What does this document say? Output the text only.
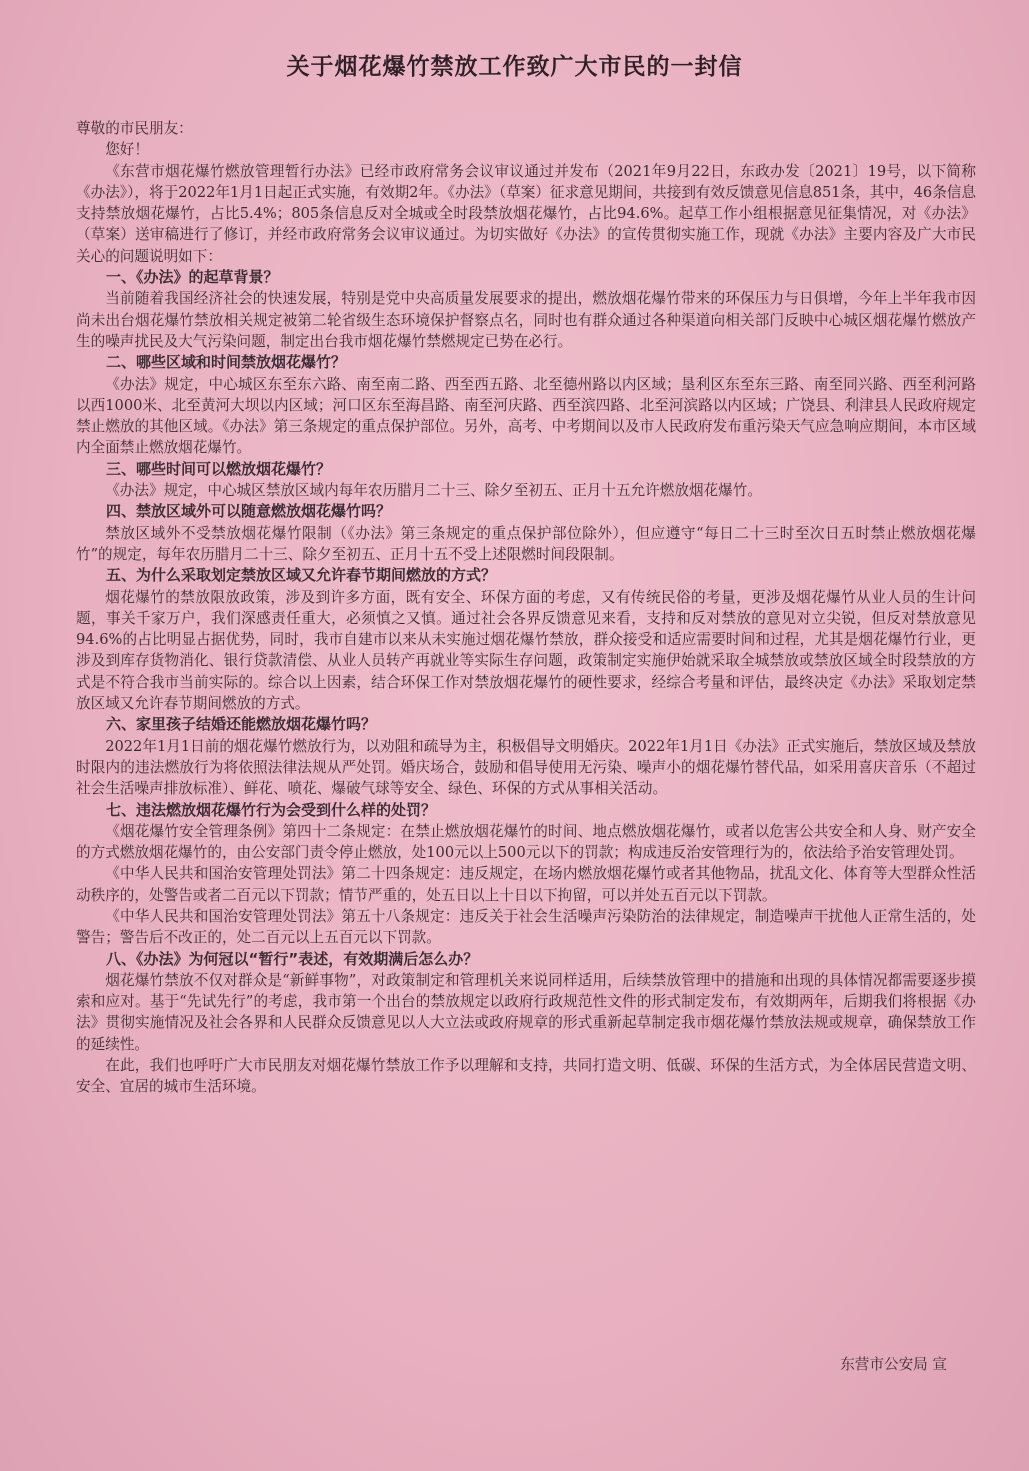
关于烟花爆竹禁放工作致广大市民的一封信

尊敬的市民朋友：

您好！

《东营市烟花爆竹燃放管理暂行办法》已经市政府常务会议审议通过并发布（2021年9月22日，东政办发〔2021〕19号，以下简称《办法》），将于2022年1月1日起正式实施，有效期2年。《办法》（草案）征求意见期间，共接到有效反馈意见信息851条，其中，46条信息支持禁放烟花爆竹，占比5.4%；805条信息反对全城或全时段禁放烟花爆竹，占比94.6%。起草工作小组根据意见征集情况，对《办法》（草案）送审稿进行了修订，并经市政府常务会议审议通过。为切实做好《办法》的宣传贯彻实施工作，现就《办法》主要内容及广大市民关心的问题说明如下：

一、《办法》的起草背景？

当前随着我国经济社会的快速发展，特别是党中央高质量发展要求的提出，燃放烟花爆竹带来的环保压力与日俱增，今年上半年我市因尚未出台烟花爆竹禁放相关规定被第二轮省级生态环境保护督察点名，同时也有群众通过各种渠道向相关部门反映中心城区烟花爆竹燃放产生的噪声扰民及大气污染问题，制定出台我市烟花爆竹禁燃规定已势在必行。

二、哪些区域和时间禁放烟花爆竹？

《办法》规定，中心城区东至东六路、南至南二路、西至西五路、北至德州路以内区域；垦利区东至东三路、南至同兴路、西至利河路以西1000米、北至黄河大坝以内区域；河口区东至海昌路、南至河庆路、西至滨四路、北至河滨路以内区域；广饶县、利津县人民政府规定禁止燃放的其他区域。《办法》第三条规定的重点保护部位。另外，高考、中考期间以及市人民政府发布重污染天气应急响应期间，本市区域内全面禁止燃放烟花爆竹。

三、哪些时间可以燃放烟花爆竹？

《办法》规定，中心城区禁放区域内每年农历腊月二十三、除夕至初五、正月十五允许燃放烟花爆竹。

四、禁放区域外可以随意燃放烟花爆竹吗？

禁放区域外不受禁放烟花爆竹限制（《办法》第三条规定的重点保护部位除外），但应遵守“每日二十三时至次日五时禁止燃放烟花爆竹”的规定，每年农历腊月二十三、除夕至初五、正月十五不受上述限燃时间段限制。

五、为什么采取划定禁放区域又允许春节期间燃放的方式？

烟花爆竹的禁放限放政策，涉及到许多方面，既有安全、环保方面的考虑，又有传统民俗的考量，更涉及烟花爆竹从业人员的生计问题，事关千家万户，我们深感责任重大，必须慎之又慎。通过社会各界反馈意见来看，支持和反对禁放的意见对立尖锐，但反对禁放意见94.6%的占比明显占据优势，同时，我市自建市以来从未实施过烟花爆竹禁放，群众接受和适应需要时间和过程，尤其是烟花爆竹行业，更涉及到库存货物消化、银行贷款清偿、从业人员转产再就业等实际生存问题，政策制定实施伊始就采取全城禁放或禁放区域全时段禁放的方式是不符合我市当前实际的。综合以上因素，结合环保工作对禁放烟花爆竹的硬性要求，经综合考量和评估，最终决定《办法》采取划定禁放区域又允许春节期间燃放的方式。

六、家里孩子结婚还能燃放烟花爆竹吗？

2022年1月1日前的烟花爆竹燃放行为，以劝阻和疏导为主，积极倡导文明婚庆。2022年1月1日《办法》正式实施后，禁放区域及禁放时限内的违法燃放行为将依照法律法规从严处罚。婚庆场合，鼓励和倡导使用无污染、噪声小的烟花爆竹替代品，如采用喜庆音乐（不超过社会生活噪声排放标准）、鲜花、喷花、爆破气球等安全、绿色、环保的方式从事相关活动。

七、违法燃放烟花爆竹行为会受到什么样的处罚？

《烟花爆竹安全管理条例》第四十二条规定：在禁止燃放烟花爆竹的时间、地点燃放烟花爆竹，或者以危害公共安全和人身、财产安全的方式燃放烟花爆竹的，由公安部门责令停止燃放，处100元以上500元以下的罚款；构成违反治安管理行为的，依法给予治安管理处罚。

《中华人民共和国治安管理处罚法》第二十四条规定：违反规定，在场内燃放烟花爆竹或者其他物品，扰乱文化、体育等大型群众性活动秩序的，处警告或者二百元以下罚款；情节严重的，处五日以上十日以下拘留，可以并处五百元以下罚款。

《中华人民共和国治安管理处罚法》第五十八条规定：违反关于社会生活噪声污染防治的法律规定，制造噪声干扰他人正常生活的，处警告；警告后不改正的，处二百元以上五百元以下罚款。

八、《办法》为何冠以“暂行”表述，有效期满后怎么办？

烟花爆竹禁放不仅对群众是“新鲜事物”，对政策制定和管理机关来说同样适用，后续禁放管理中的措施和出现的具体情况都需要逐步摸索和应对。基于“先试先行”的考虑，我市第一个出台的禁放规定以政府行政规范性文件的形式制定发布，有效期两年，后期我们将根据《办法》贯彻实施情况及社会各界和人民群众反馈意见以人大立法或政府规章的形式重新起草制定我市烟花爆竹禁放法规或规章，确保禁放工作的延续性。

在此，我们也呼吁广大市民朋友对烟花爆竹禁放工作予以理解和支持，共同打造文明、低碳、环保的生活方式，为全体居民营造文明、安全、宜居的城市生活环境。

东营市公安局 宣
